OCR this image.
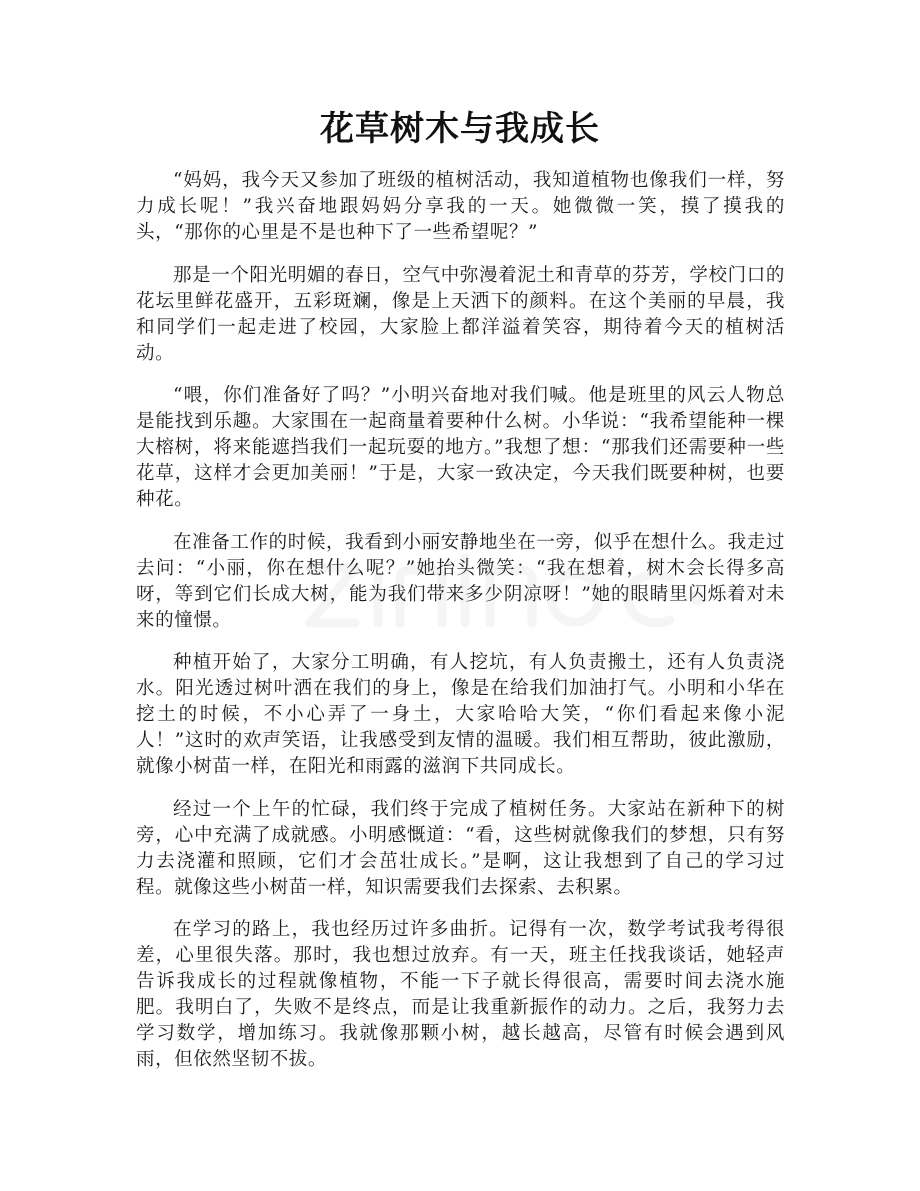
花草树木与我成长

“妈妈，我今天又参加了班级的植树活动，我知道植物也像我们一样，努力成长呢！”我兴奋地跟妈妈分享我的一天。她微微一笑，摸了摸我的头，“那你的心里是不是也种下了一些希望呢？”

那是一个阳光明媚的春日，空气中弥漫着泥土和青草的芬芳，学校门口的花坛里鲜花盛开，五彩斑斓，像是上天洒下的颜料。在这个美丽的早晨，我和同学们一起走进了校园，大家脸上都洋溢着笑容，期待着今天的植树活动。

“喂，你们准备好了吗？”小明兴奋地对我们喊。他是班里的风云人物总是能找到乐趣。大家围在一起商量着要种什么树。小华说：“我希望能种一棵大榕树，将来能遮挡我们一起玩耍的地方。”我想了想：“那我们还需要种一些花草，这样才会更加美丽！”于是，大家一致决定，今天我们既要种树，也要种花。

在准备工作的时候，我看到小丽安静地坐在一旁，似乎在想什么。我走过去问：“小丽，你在想什么呢？”她抬头微笑：“我在想着，树木会长得多高呀，等到它们长成大树，能为我们带来多少阴凉呀！”她的眼睛里闪烁着对未来的憧憬。

种植开始了，大家分工明确，有人挖坑，有人负责搬土，还有人负责浇水。阳光透过树叶洒在我们的身上，像是在给我们加油打气。小明和小华在挖土的时候，不小心弄了一身土，大家哈哈大笑，“你们看起来像小泥人！”这时的欢声笑语，让我感受到友情的温暖。我们相互帮助，彼此激励，就像小树苗一样，在阳光和雨露的滋润下共同成长。

经过一个上午的忙碌，我们终于完成了植树任务。大家站在新种下的树旁，心中充满了成就感。小明感慨道：“看，这些树就像我们的梦想，只有努力去浇灌和照顾，它们才会茁壮成长。”是啊，这让我想到了自己的学习过程。就像这些小树苗一样，知识需要我们去探索、去积累。

在学习的路上，我也经历过许多曲折。记得有一次，数学考试我考得很差，心里很失落。那时，我也想过放弃。有一天，班主任找我谈话，她轻声告诉我成长的过程就像植物，不能一下子就长得很高，需要时间去浇水施肥。我明白了，失败不是终点，而是让我重新振作的动力。之后，我努力去学习数学，增加练习。我就像那颗小树，越长越高，尽管有时候会遇到风雨，但依然坚韧不拔。
